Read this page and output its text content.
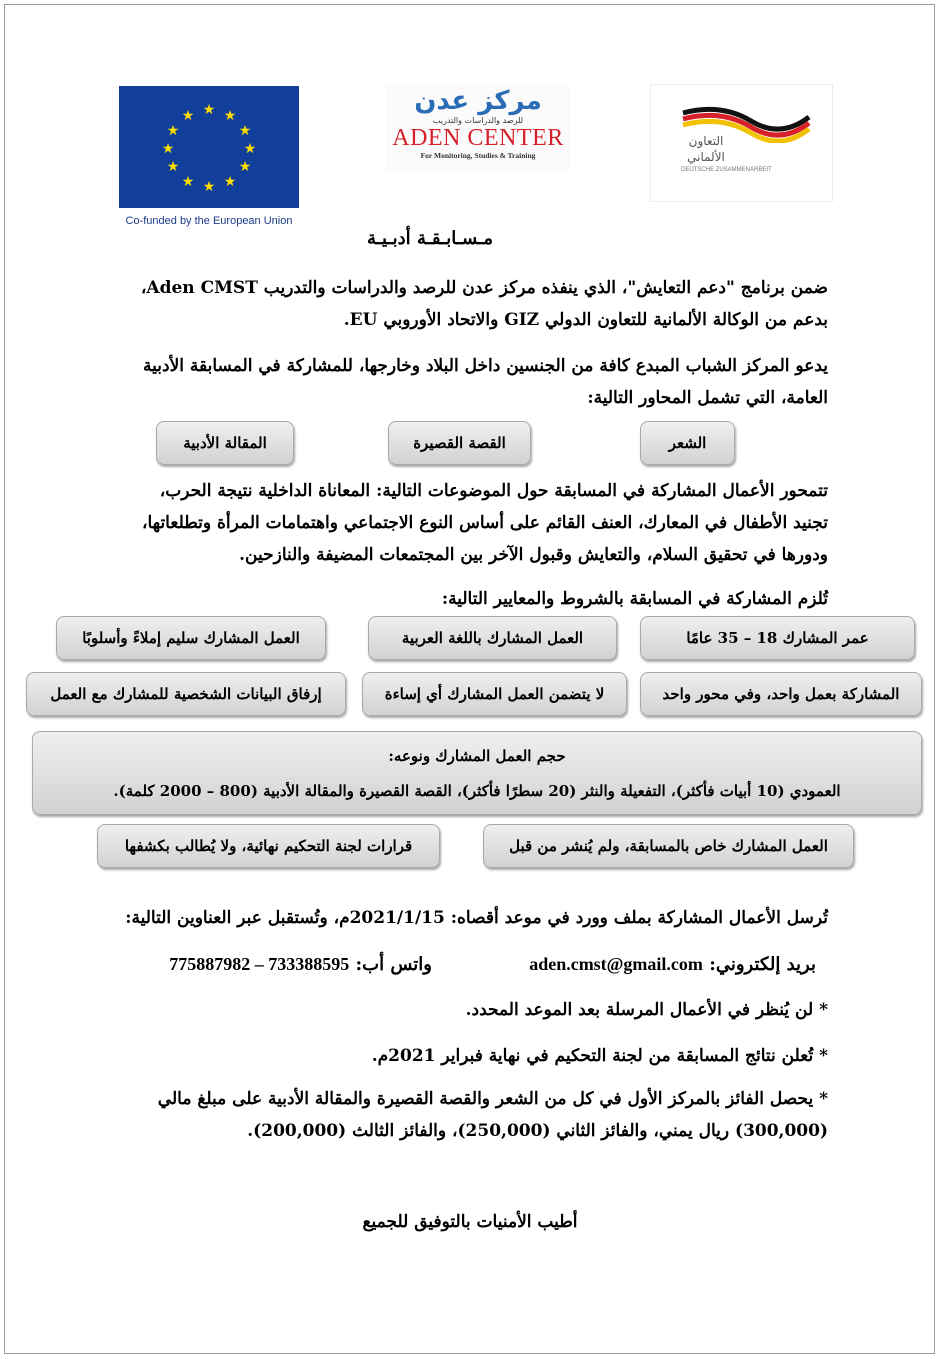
★ ★
★
★
★
★
★
★
★
★
★
★
Co-funded by the European Union
مركز عدن
للرصد والدراسات والتدريب
ADEN CENTER
For Monitoring, Studies & Training
التعاون الألماني
DEUTSCHE ZUSAMMENARBEIT
مـسـابـقـة أدبـيـة
ضمن برنامج "دعم التعايش"، الذي ينفذه مركز عدن للرصد والدراسات والتدريب Aden CMST،
بدعم من الوكالة الألمانية للتعاون الدولي GIZ والاتحاد الأوروبي EU.
يدعو المركز الشباب المبدع كافة من الجنسين داخل البلاد وخارجها، للمشاركة في المسابقة الأدبية
العامة، التي تشمل المحاور التالية:
الشعر
القصة القصيرة
المقالة الأدبية
تتمحور الأعمال المشاركة في المسابقة حول الموضوعات التالية: المعاناة الداخلية نتيجة الحرب،
تجنيد الأطفال في المعارك، العنف القائم على أساس النوع الاجتماعي واهتمامات المرأة وتطلعاتها،
ودورها في تحقيق السلام، والتعايش وقبول الآخر بين المجتمعات المضيفة والنازحين.
تُلزم المشاركة في المسابقة بالشروط والمعايير التالية:
عمر المشارك 18 – 35 عامًا
العمل المشارك باللغة العربية
العمل المشارك سليم إملاءً وأسلوبًا
المشاركة بعمل واحد، وفي محور واحد
لا يتضمن العمل المشارك أي إساءة
إرفاق البيانات الشخصية للمشارك مع العمل
حجم العمل المشارك ونوعه:
العمودي (10 أبيات فأكثر)، التفعيلة والنثر (20 سطرًا فأكثر)، القصة القصيرة والمقالة الأدبية (800 – 2000 كلمة).
العمل المشارك خاص بالمسابقة، ولم يُنشر من قبل
قرارات لجنة التحكيم نهائية، ولا يُطالب بكشفها
تُرسل الأعمال المشاركة بملف وورد في موعد أقصاه: 2021/1/15م، وتُستقبل عبر العناوين التالية:
بريد إلكتروني: aden.cmst@gmail.com
واتس أب: 775887982 – 733388595
* لن يُنظر في الأعمال المرسلة بعد الموعد المحدد.
* تُعلن نتائج المسابقة من لجنة التحكيم في نهاية فبراير 2021م.
* يحصل الفائز بالمركز الأول في كل من الشعر والقصة القصيرة والمقالة الأدبية على مبلغ مالي
(300,000) ريال يمني، والفائز الثاني (250,000)، والفائز الثالث (200,000).
أطيب الأمنيات بالتوفيق للجميع
